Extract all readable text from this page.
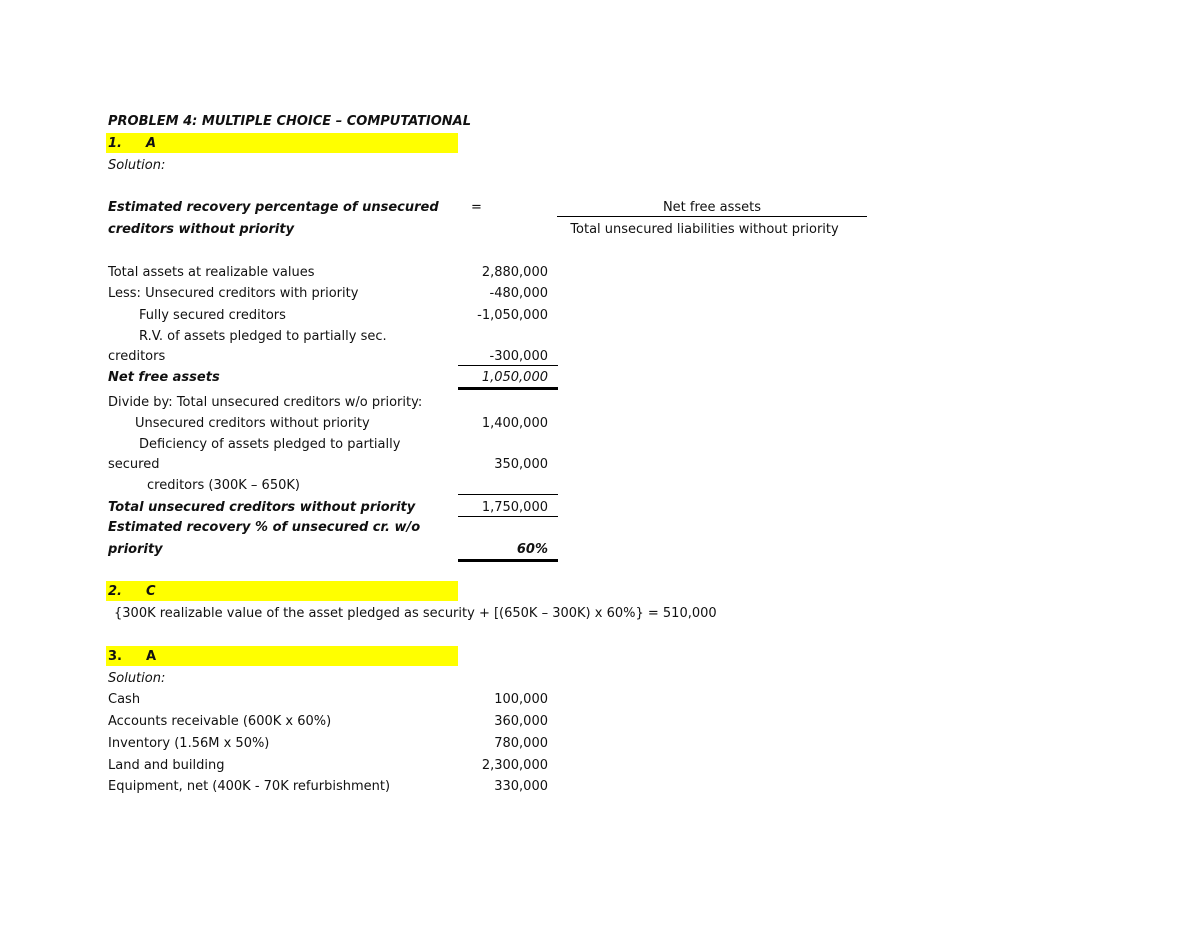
PROBLEM 4: MULTIPLE CHOICE – COMPUTATIONAL
1. A
Solution:
Estimated recovery percentage of unsecured
creditors without priority
=	Net free assets
Total unsecured liabilities without priority
Total assets at realizable values	2,880,000
Less: Unsecured creditors with priority	-480,000
Fully secured creditors	-1,050,000
R.V. of assets pledged to partially sec.
creditors	-300,000
Net free assets	1,050,000
Divide by: Total unsecured creditors w/o priority:
Unsecured creditors without priority	1,400,000
Deficiency of assets pledged to partially
secured	350,000
creditors (300K – 650K)
Total unsecured creditors without priority	1,750,000
Estimated recovery % of unsecured cr. w/o
priority	60%
2. C
{300K realizable value of the asset pledged as security + [(650K – 300K) x 60%} = 510,000
3. A
Solution:
Cash	100,000
Accounts receivable (600K x 60%)	360,000
Inventory (1.56M x 50%)	780,000
Land and building	2,300,000
Equipment, net (400K - 70K refurbishment)	330,000
